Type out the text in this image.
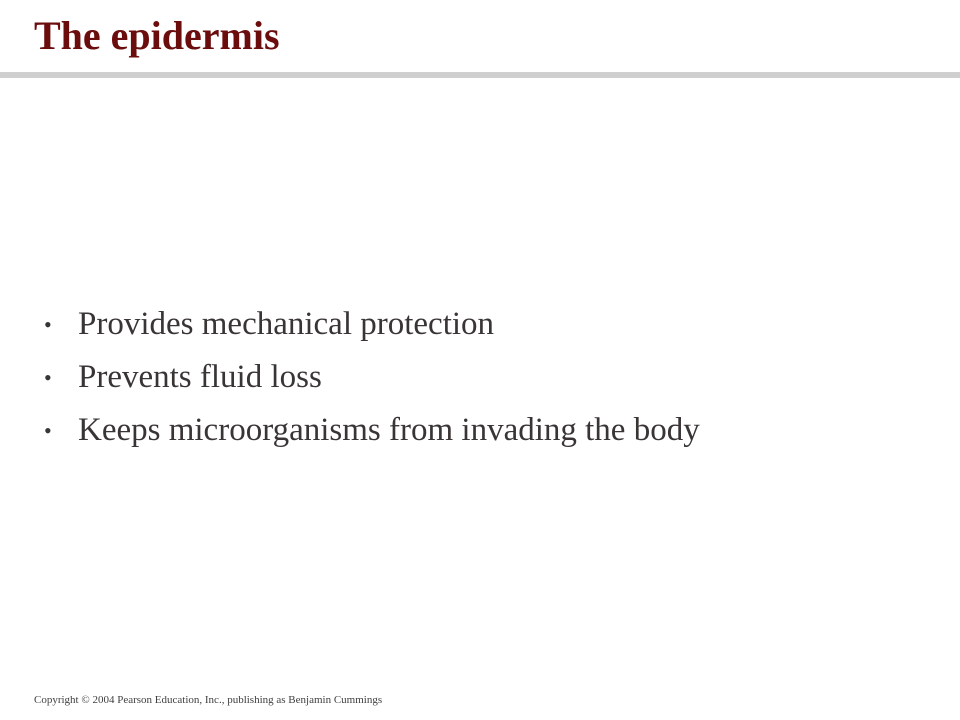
The epidermis
• Provides mechanical protection
• Prevents fluid loss
• Keeps microorganisms from invading the body

Copyright © 2004 Pearson Education, Inc., publishing as Benjamin Cummings
